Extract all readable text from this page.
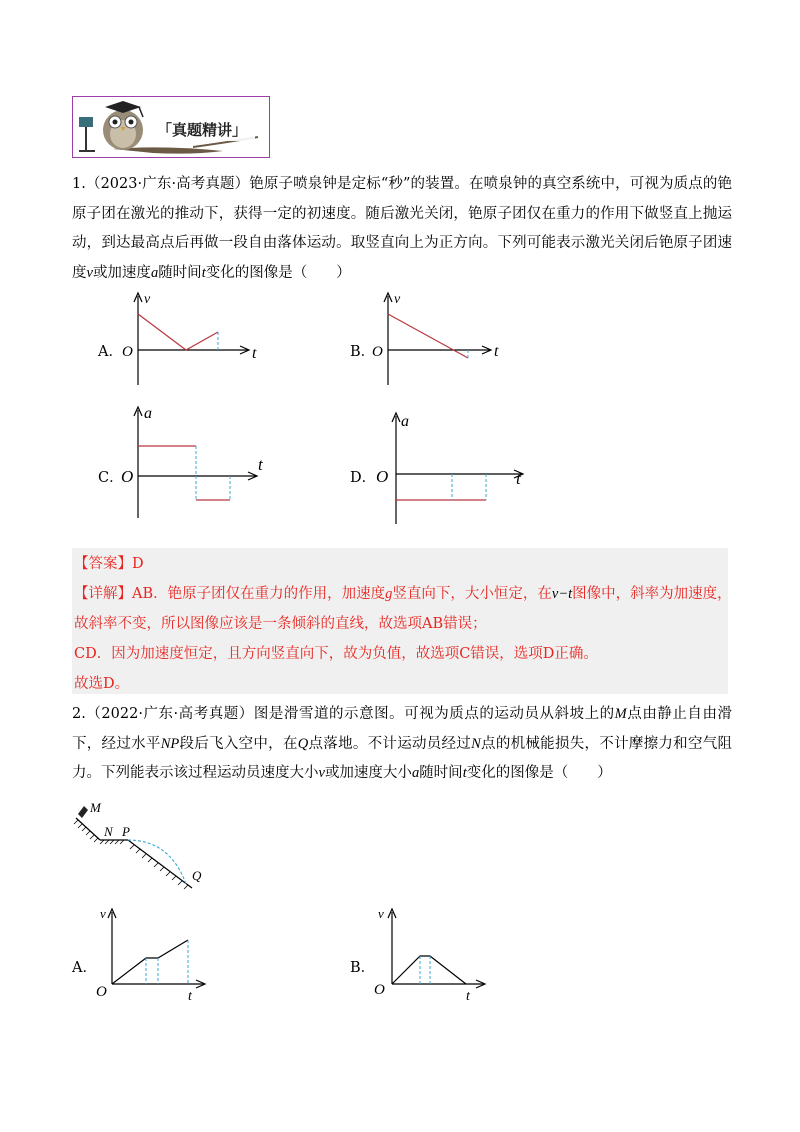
「真题精讲」

1.（2023·广东·高考真题）铯原子喷泉钟是定标“秒”的装置。在喷泉钟的真空系统中，可视为质点的铯原子团在激光的推动下，获得一定的初速度。随后激光关闭，铯原子团仅在重力的作用下做竖直上抛运动，到达最高点后再做一段自由落体运动。取竖直向上为正方向。下列可能表示激光关闭后铯原子团速度v或加速度a随时间t变化的图像是（　　）

A．
v
t
O	B．
v
t
O
C．
a
t
O	D．
a
t
O
【答案】D
【详解】AB．铯原子团仅在重力的作用，加速度g竖直向下，大小恒定，在v−t图像中，斜率为加速度，
故斜率不变，所以图像应该是一条倾斜的直线，故选项AB错误；
CD．因为加速度恒定，且方向竖直向下，故为负值，故选项C错误，选项D正确。
故选D。

2.（2022·广东·高考真题）图是滑雪道的示意图。可视为质点的运动员从斜坡上的M点由静止自由滑下，经过水平NP段后飞入空中，在Q点落地。不计运动员经过N点的机械能损失，不计摩擦力和空气阻力。下列能表示该过程运动员速度大小v或加速度大小a随时间t变化的图像是（　　）

M
N P
Q
A．
v
t
O
B．
v
t
O
